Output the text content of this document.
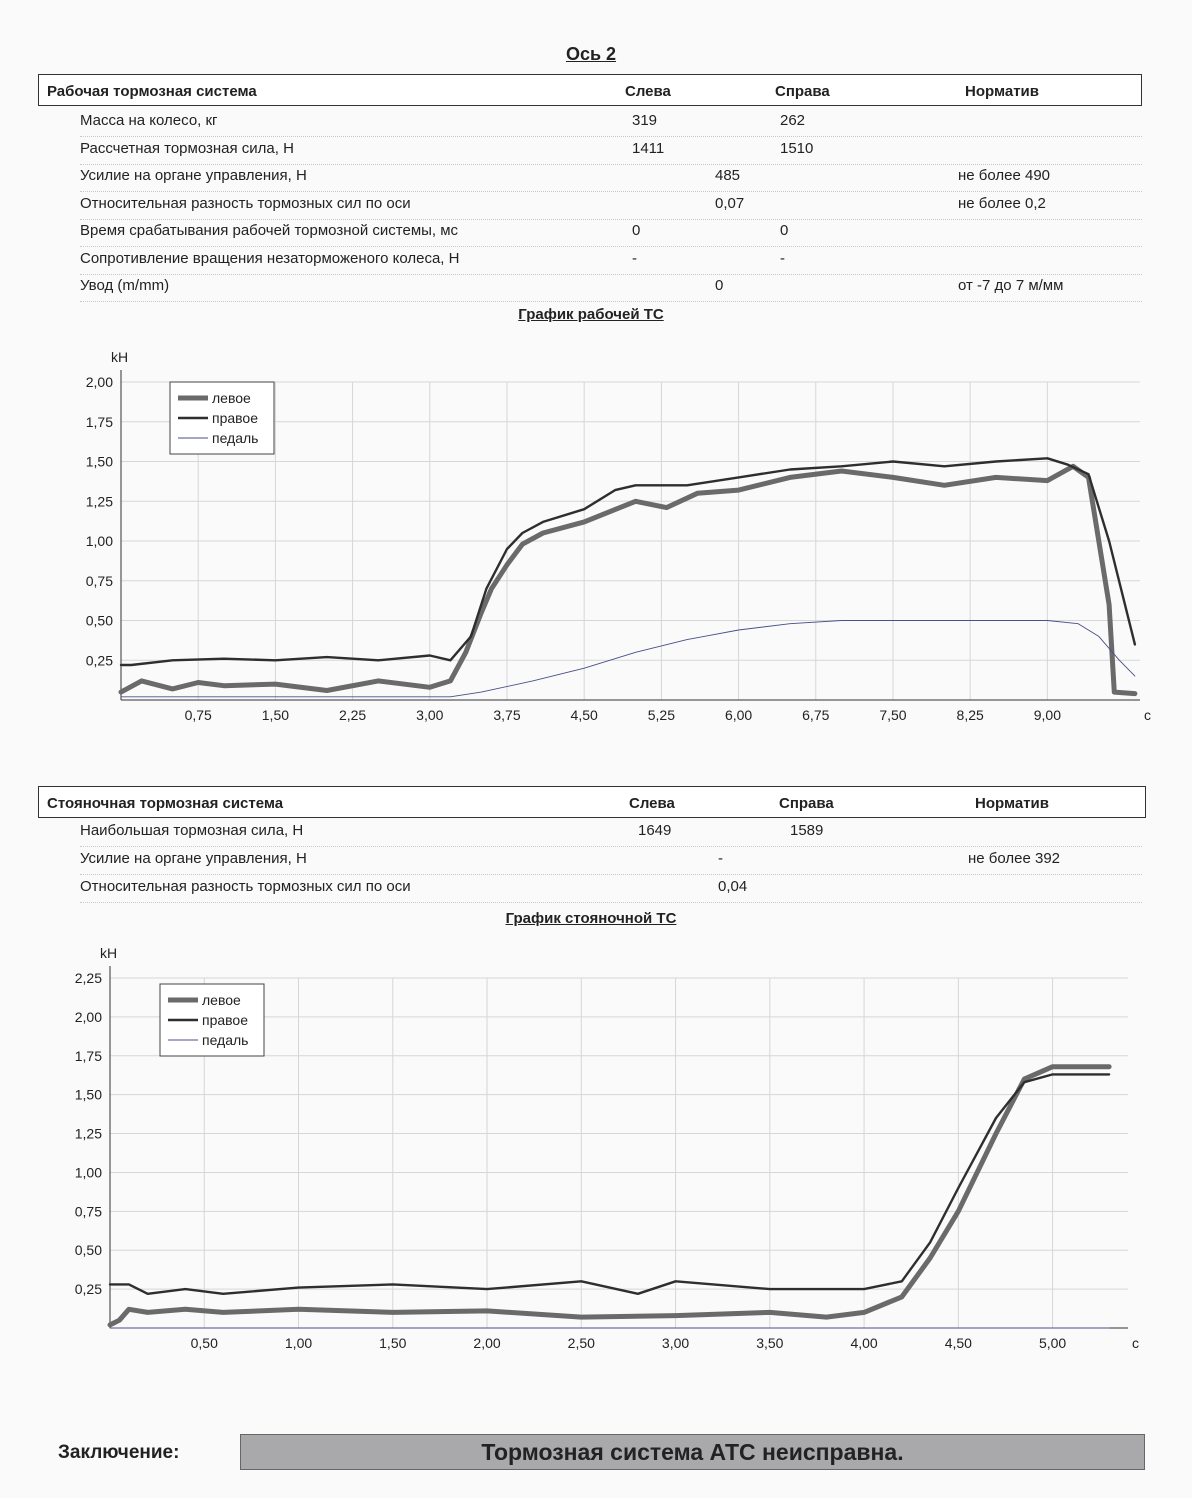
Ось 2
Рабочая тормозная система	Слева	Справа	Норматив
Масса на колесо, кг	319	262
Рассчетная тормозная сила, Н	1411	1510
Усилие на органе управления, Н	485	не более 490
Относительная разность тормозных сил по оси	0,07	не более 0,2
Время срабатывания рабочей тормозной системы, мс	0	0
Сопротивление вращения незаторможеного колеса, Н	-	-
Увод (m/mm)	0	от -7 до 7 м/мм
График рабочей ТС
0,25
0,50
0,75
1,00
1,25
1,50
1,75
2,00
0,75	1,50	2,25	3,00	3,75	4,50	5,25	6,00	6,75	7,50	8,25	9,00
kH
с
левое
правое
педаль
Стояночная тормозная система	Слева	Справа	Норматив
Наибольшая тормозная сила, Н	1649	1589
Усилие на органе управления, Н	-	не более 392
Относительная разность тормозных сил по оси	0,04
График стояночной ТС
0,25
0,50
0,75
1,00
1,25
1,50
1,75
2,00
2,25
0,50	1,00	1,50	2,00	2,50	3,00	3,50	4,00	4,50	5,00
kH
с
левое
правое
педаль
Заключение:	Тормозная система АТС неисправна.
